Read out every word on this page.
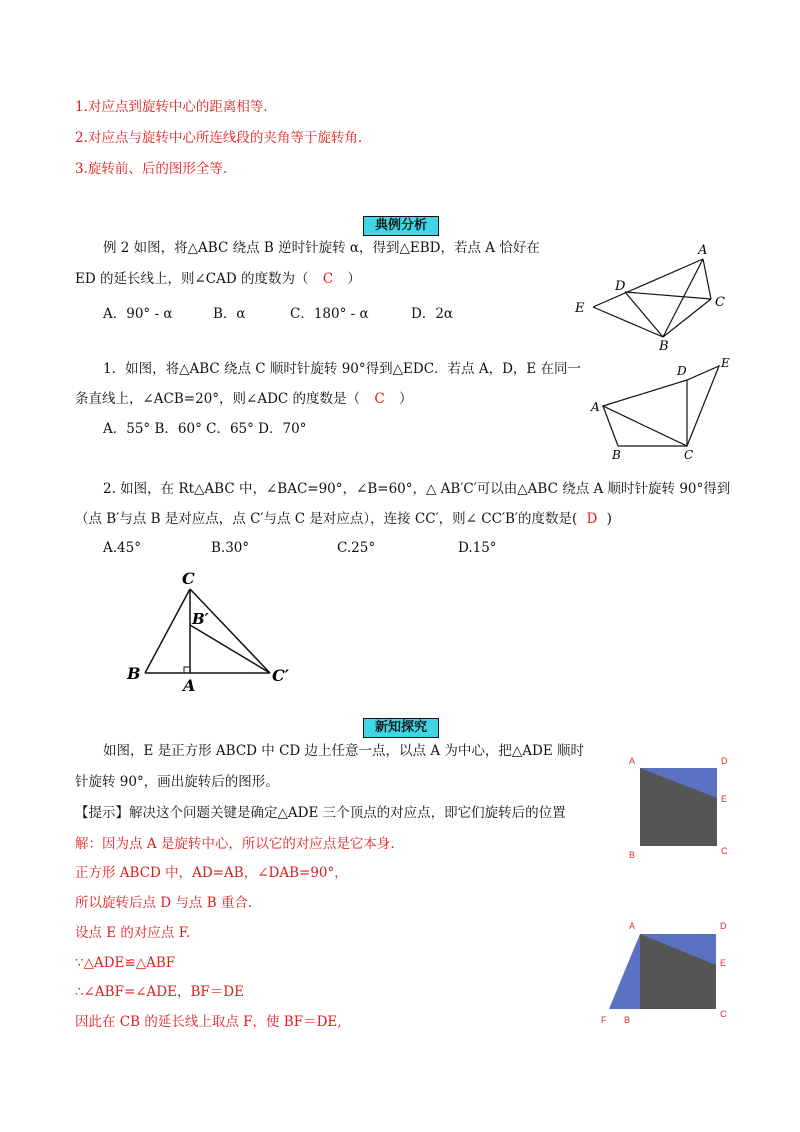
1.对应点到旋转中心的距离相等.
2.对应点与旋转中心所连线段的夹角等于旋转角.
3.旋转前、后的图形全等.
典例分析
例 2 如图，将△ABC 绕点 B 逆时针旋转 α，得到△EBD，若点 A 恰好在
ED 的延长线上，则∠CAD 的度数为（ C ）
A．90° - α	B．α	C．180° - α	D．2α
A
D
C
E
B
1．如图，将△ABC 绕点 C 顺时针旋转 90°得到△EDC．若点 A，D，E 在同一
条直线上，∠ACB=20°，则∠ADC 的度数是（ C ）
A．55° B．60° C．65° D．70°
A
D
E
B	C
2. 如图，在 Rt△ABC 中，∠BAC=90°，∠B=60°，△ AB′C′可以由△ABC 绕点 A 顺时针旋转 90°得到
（点 B′与点 B 是对应点，点 C′与点 C 是对应点），连接 CC′，则∠ CC′B′的度数是( D )
A.45°	B.30°	C.25°	D.15°
C
B′
B
A
C′
新知探究
如图，E 是正方形 ABCD 中 CD 边上任意一点，以点 A 为中心，把△ADE 顺时
针旋转 90°，画出旋转后的图形。
【提示】解决这个问题关键是确定△ADE 三个顶点的对应点，即它们旋转后的位置
解：因为点 A 是旋转中心，所以它的对应点是它本身.
正方形 ABCD 中，AD=AB，∠DAB=90°，
所以旋转后点 D 与点 B 重合.
设点 E 的对应点 F.
∵△ADE≌△ABF
∴∠ABF=∠ADE，BF＝DE
因此在 CB 的延长线上取点 F，使 BF＝DE,
A	D
E
B	C
A	D
E
F B
C
